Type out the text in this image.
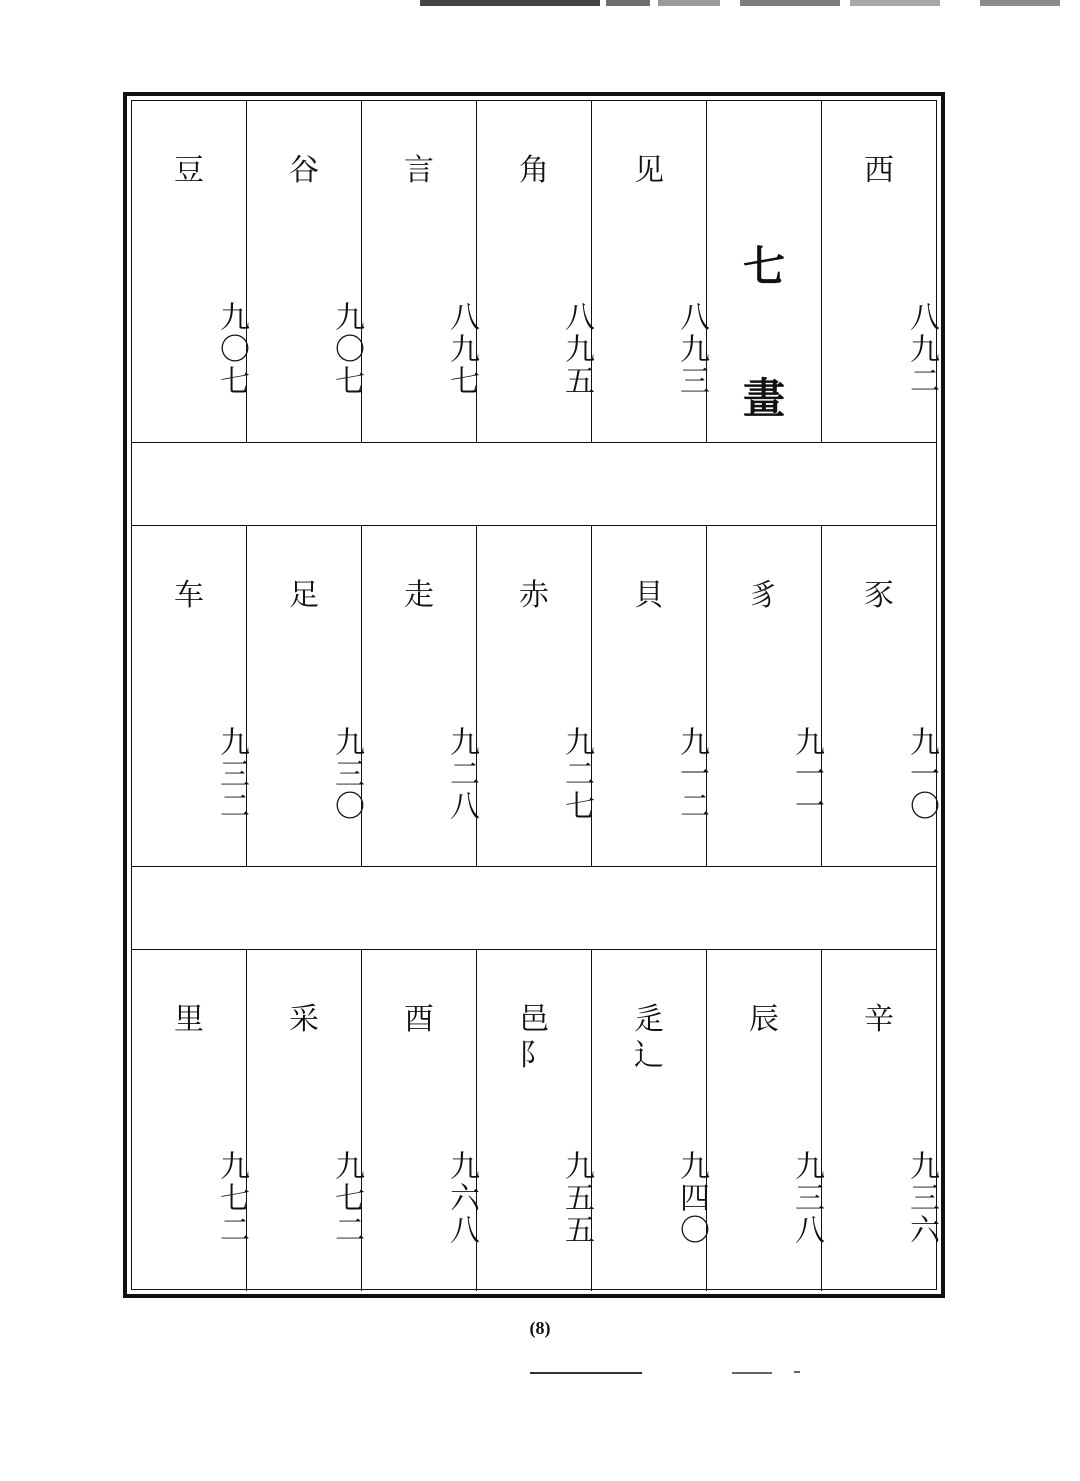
豆
九〇七
谷
九〇七
言
八九七
角
八九五
见
八九三
七
畫
西
八九二
车
九三二
足
九三〇
走
九二八
赤
九二七
貝
九一二
豸
九一一
豕
九一〇
里
九七二
采
九七二
酉
九六八
邑
阝
九五五
辵
辶
九四〇
辰
九三八
辛
九三六
(8)
